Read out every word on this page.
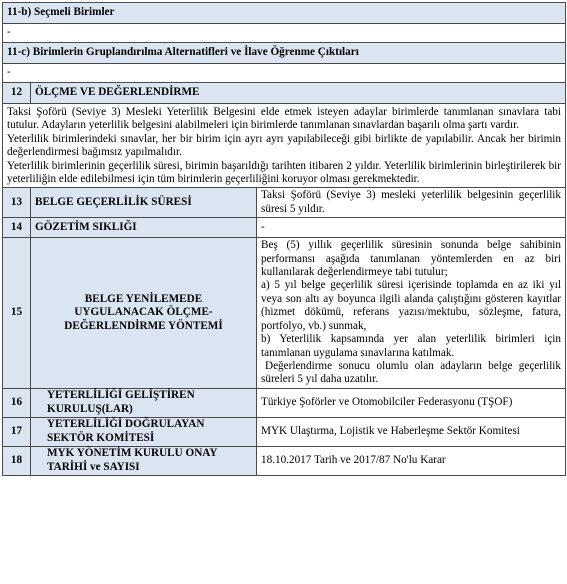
11-b) Seçmeli Birimler		
-		
11-c) Birimlerin Gruplandırılma Alternatifleri ve İlave Öğrenme Çıktıları		
-		
12	ÖLÇME VE DEĞERLENDİRME	

Taksi Şoförü (Seviye 3) Mesleki Yeterlilik Belgesini elde etmek isteyen adaylar birimlerde tanımlanan sınavlara tabi tutulur. Adayların yeterlilik belgesini alabilmeleri için birimlerde tanımlanan sınavlardan başarılı olma şartı vardır.

Yeterlilik birimlerindeki sınavlar, her bir birim için ayrı ayrı yapılabileceği gibi birlikte de yapılabilir. Ancak her birimin değerlendirmesi bağımsız yapılmalıdır.

Yeterlilik birimlerinin geçerlilik süresi, birimin başarıldığı tarihten itibaren 2 yıldır. Yeterlilik birimlerinin birleştirilerek bir yeterliliğin elde edilebilmesi için tüm birimlerin geçerliliğini koruyor olması gerekmektedir.		

13	BELGE GEÇERLİLİK SÜRESİ	Taksi Şoförü (Seviye 3) mesleki yeterlilik belgesinin geçerlilik süresi 5 yıldır.
14	GÖZETİM SIKLIĞI	-
15	BELGE YENİLEMEDE UYGULANACAK ÖLÇME-DEĞERLENDİRME YÖNTEMİ	Beş (5) yıllık geçerlilik süresinin sonunda belge sahibinin performansı aşağıda tanımlanan yöntemlerden en az biri kullanılarak değerlendirmeye tabi tutulur;

a) 5 yıl belge geçerlilik süresi içerisinde toplamda en az iki yıl veya son altı ay boyunca ilgili alanda çalıştığını gösteren kayıtlar (hizmet dökümü, referans yazısı/mektubu, sözleşme, fatura, portfolyo, vb.) sunmak,

b) Yeterlilik kapsamında yer alan yeterlilik birimleri için tanımlanan uygulama sınavlarına katılmak.

Değerlendirme sonucu olumlu olan adayların belge geçerlilik süreleri 5 yıl daha uzatılır.

16	YETERLİLİĞİ GELİŞTİREN KURULUŞ(LAR)	Türkiye Şoförler ve Otomobilciler Federasyonu (TŞOF)
17	YETERLİLİĞİ DOĞRULAYAN SEKTÖR KOMİTESİ	MYK Ulaştırma, Lojistik ve Haberleşme Sektör Komitesi
18	MYK YÖNETİM KURULU ONAY TARİHİ ve SAYISI	18.10.2017 Tarih ve 2017/87 No'lu Karar
